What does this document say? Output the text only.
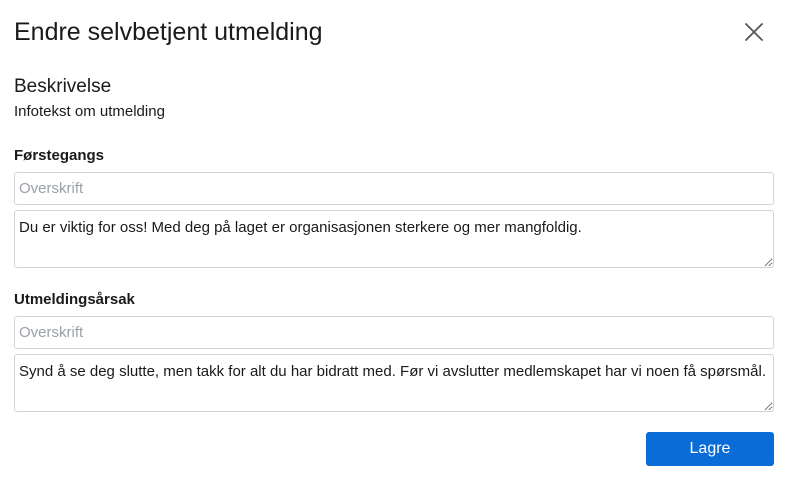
Endre selvbetjent utmelding
Beskrivelse
Infotekst om utmelding
Førstegangs
Overskrift
Du er viktig for oss! Med deg på laget er organisasjonen sterkere og mer mangfoldig.
Utmeldingsårsak
Overskrift
Synd å se deg slutte, men takk for alt du har bidratt med. Før vi avslutter medlemskapet har vi noen få spørsmål.
Lagre
